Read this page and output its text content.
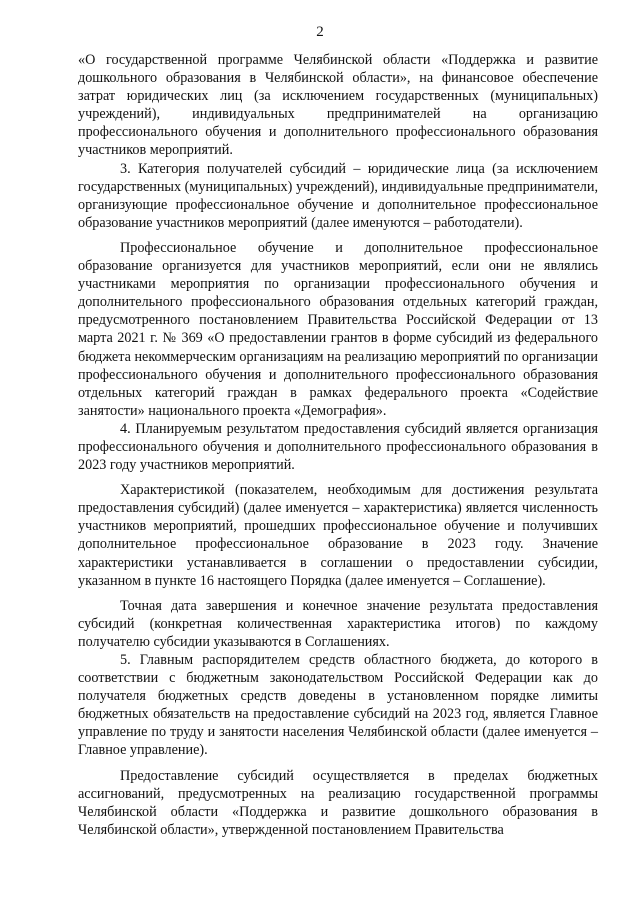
2

«О государственной программе Челябинской области «Поддержка и развитие дошкольного образования в Челябинской области», на финансовое обеспечение затрат юридических лиц (за исключением государственных (муниципальных) учреждений), индивидуальных предпринимателей на организацию профессионального обучения и дополнительного профессионального образования участников мероприятий.

3. Категория получателей субсидий – юридические лица (за исключением государственных (муниципальных) учреждений), индивидуальные предприниматели, организующие профессиональное обучение и дополнительное профессиональное образование участников мероприятий (далее именуются – работодатели).

Профессиональное обучение и дополнительное профессиональное образование организуется для участников мероприятий, если они не являлись участниками мероприятия по организации профессионального обучения и дополнительного профессионального образования отдельных категорий граждан, предусмотренного постановлением Правительства Российской Федерации от 13 марта 2021 г. № 369 «О предоставлении грантов в форме субсидий из федерального бюджета некоммерческим организациям на реализацию мероприятий по организации профессионального обучения и дополнительного профессионального образования отдельных категорий граждан в рамках федерального проекта «Содействие занятости» национального проекта «Демография».

4. Планируемым результатом предоставления субсидий является организация профессионального обучения и дополнительного профессионального образования в 2023 году участников мероприятий.

Характеристикой (показателем, необходимым для достижения результата предоставления субсидий) (далее именуется – характеристика) является численность участников мероприятий, прошедших профессиональное обучение и получивших дополнительное профессиональное образование в 2023 году. Значение характеристики устанавливается в соглашении о предоставлении субсидии, указанном в пункте 16 настоящего Порядка (далее именуется – Соглашение).

Точная дата завершения и конечное значение результата предоставления субсидий (конкретная количественная характеристика итогов) по каждому получателю субсидии указываются в Соглашениях.

5. Главным распорядителем средств областного бюджета, до которого в соответствии с бюджетным законодательством Российской Федерации как до получателя бюджетных средств доведены в установленном порядке лимиты бюджетных обязательств на предоставление субсидий на 2023 год, является Главное управление по труду и занятости населения Челябинской области (далее именуется – Главное управление).

Предоставление субсидий осуществляется в пределах бюджетных ассигнований, предусмотренных на реализацию государственной программы Челябинской области «Поддержка и развитие дошкольного образования в Челябинской области», утвержденной постановлением Правительства
